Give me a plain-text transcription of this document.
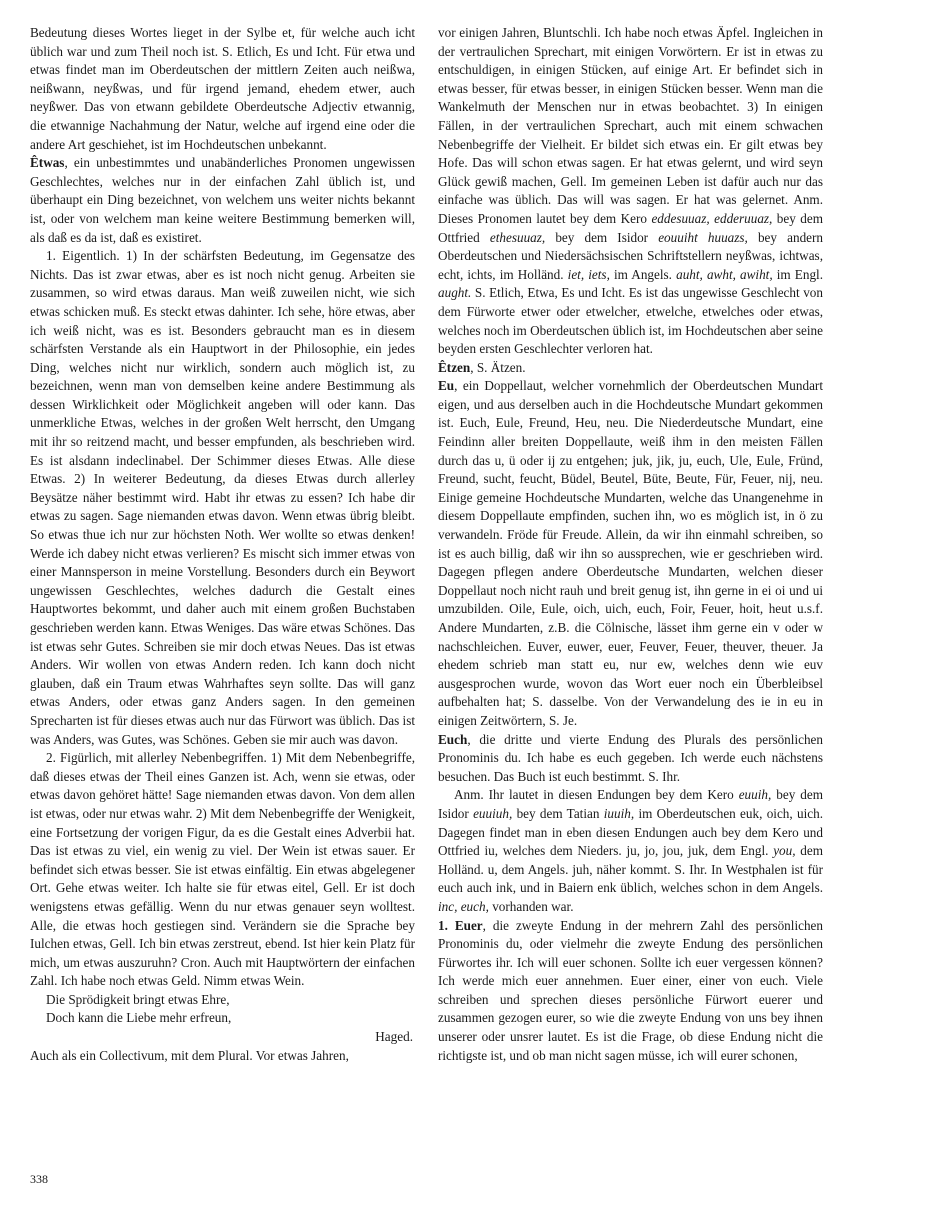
Bedeutung dieses Wortes lieget in der Sylbe et, für welche auch icht üblich war und zum Theil noch ist. S. Etlich, Es und Icht. Für etwa und etwas findet man im Oberdeutschen der mittlern Zeiten auch neißwa, neißwann, neyßwas, und für irgend jemand, ehedem etwer, auch neyßwer. Das von etwann gebildete Oberdeutsche Adjectiv etwannig, die etwannige Nachahmung der Natur, welche auf irgend eine oder die andere Art geschiehet, ist im Hochdeutschen unbekannt.

Êtwas, ein unbestimmtes und unabänderliches Pronomen ungewissen Geschlechtes, welches nur in der einfachen Zahl üblich ist, und überhaupt ein Ding bezeichnet, von welchem uns weiter nichts bekannt ist, oder von welchem man keine weitere Bestimmung bemerken will, als daß es da ist, daß es existiret.

1. Eigentlich. 1) In der schärfsten Bedeutung, im Gegensatze des Nichts. Das ist zwar etwas, aber es ist noch nicht genug. Arbeiten sie zusammen, so wird etwas daraus. Man weiß zuweilen nicht, wie sich etwas schicken muß. Es steckt etwas dahinter. Ich sehe, höre etwas, aber ich weiß nicht, was es ist. Besonders gebraucht man es in diesem schärfsten Verstande als ein Hauptwort in der Philosophie, ein jedes Ding, welches nicht nur wirklich, sondern auch möglich ist, zu bezeichnen, wenn man von demselben keine andere Bestimmung als dessen Wirklichkeit oder Möglichkeit angeben will oder kann. Das unmerkliche Etwas, welches in der großen Welt herrscht, den Umgang mit ihr so reitzend macht, und besser empfunden, als beschrieben wird. Es ist alsdann indeclinabel. Der Schimmer dieses Etwas. Alle diese Etwas. 2) In weiterer Bedeutung, da dieses Etwas durch allerley Beysätze näher bestimmt wird. Habt ihr etwas zu essen? Ich habe dir etwas zu sagen. Sage niemanden etwas davon. Wenn etwas übrig bleibt. So etwas thue ich nur zur höchsten Noth. Wer wollte so etwas denken! Werde ich dabey nicht etwas verlieren? Es mischt sich immer etwas von einer Mannsperson in meine Vorstellung. Besonders durch ein Beywort ungewissen Geschlechtes, welches dadurch die Gestalt eines Hauptwortes bekommt, und daher auch mit einem großen Buchstaben geschrieben werden kann. Etwas Weniges. Das wäre etwas Schönes. Das ist etwas sehr Gutes. Schreiben sie mir doch etwas Neues. Das ist etwas Anders. Wir wollen von etwas Andern reden. Ich kann doch nicht glauben, daß ein Traum etwas Wahrhaftes seyn sollte. Das will ganz etwas Anders, oder etwas ganz Anders sagen. In den gemeinen Sprecharten ist für dieses etwas auch nur das Fürwort was üblich. Das ist was Anders, was Gutes, was Schönes. Geben sie mir auch was davon.

2. Figürlich, mit allerley Nebenbegriffen. 1) Mit dem Nebenbegriffe, daß dieses etwas der Theil eines Ganzen ist. Ach, wenn sie etwas, oder etwas davon gehöret hätte! Sage niemanden etwas davon. Von dem allen ist etwas, oder nur etwas wahr. 2) Mit dem Nebenbegriffe der Wenigkeit, eine Fortsetzung der vorigen Figur, da es die Gestalt eines Adverbii hat. Das ist etwas zu viel, ein wenig zu viel. Der Wein ist etwas sauer. Er befindet sich etwas besser. Sie ist etwas einfältig. Ein etwas abgelegener Ort. Gehe etwas weiter. Ich halte sie für etwas eitel, Gell. Er ist doch wenigstens etwas gefällig. Wenn du nur etwas genauer seyn wolltest. Alle, die etwas hoch gestiegen sind. Verändern sie die Sprache bey Iulchen etwas, Gell. Ich bin etwas zerstreut, ebend. Ist hier kein Platz für mich, um etwas auszuruhn? Cron. Auch mit Hauptwörtern der einfachen Zahl. Ich habe noch etwas Geld. Nimm etwas Wein.

Die Sprödigkeit bringt etwas Ehre,

Doch kann die Liebe mehr erfreun,

Haged.

Auch als ein Collectivum, mit dem Plural. Vor etwas Jahren,

vor einigen Jahren, Bluntschli. Ich habe noch etwas Äpfel. Ingleichen in der vertraulichen Sprechart, mit einigen Vorwörtern. Er ist in etwas zu entschuldigen, in einigen Stücken, auf einige Art. Er befindet sich in etwas besser, für etwas besser, in einigen Stücken besser. Wenn man die Wankelmuth der Menschen nur in etwas beobachtet. 3) In einigen Fällen, in der vertraulichen Sprechart, auch mit einem schwachen Nebenbegriffe der Vielheit. Er bildet sich etwas ein. Er gilt etwas bey Hofe. Das will schon etwas sagen. Er hat etwas gelernt, und wird seyn Glück gewiß machen, Gell. Im gemeinen Leben ist dafür auch nur das einfache was üblich. Das will was sagen. Er hat was gelernet. Anm. Dieses Pronomen lautet bey dem Kero eddesuuaz, edderuuaz, bey dem Ottfried ethesuuaz, bey dem Isidor eouuiht huuazs, bey andern Oberdeutschen und Niedersächsischen Schriftstellern neyßwas, ichtwas, echt, ichts, im Holländ. iet, iets, im Angels. auht, awht, awiht, im Engl. aught. S. Etlich, Etwa, Es und Icht. Es ist das ungewisse Geschlecht von dem Fürworte etwer oder etwelcher, etwelche, etwelches oder etwas, welches noch im Oberdeutschen üblich ist, im Hochdeutschen aber seine beyden ersten Geschlechter verloren hat.

Êtzen, S. Ätzen.

Eu, ein Doppellaut, welcher vornehmlich der Oberdeutschen Mundart eigen, und aus derselben auch in die Hochdeutsche Mundart gekommen ist. Euch, Eule, Freund, Heu, neu. Die Niederdeutsche Mundart, eine Feindinn aller breiten Doppellaute, weiß ihm in den meisten Fällen durch das u, ü oder ij zu entgehen; juk, jik, ju, euch, Ule, Eule, Fründ, Freund, sucht, feucht, Büdel, Beutel, Büte, Beute, Für, Feuer, nij, neu. Einige gemeine Hochdeutsche Mundarten, welche das Unangenehme in diesem Doppellaute empfinden, suchen ihn, wo es möglich ist, in ö zu verwandeln. Fröde für Freude. Allein, da wir ihn einmahl schreiben, so ist es auch billig, daß wir ihn so aussprechen, wie er geschrieben wird. Dagegen pflegen andere Oberdeutsche Mundarten, welchen dieser Doppellaut noch nicht rauh und breit genug ist, ihn gerne in ei oi und ui umzubilden. Oile, Eule, oich, uich, euch, Foir, Feuer, hoit, heut u.s.f. Andere Mundarten, z.B. die Cölnische, lässet ihm gerne ein v oder w nachschleichen. Euver, euwer, euer, Feuver, Feuer, theuver, theuer. Ja ehedem schrieb man statt eu, nur ew, welches denn wie euv ausgesprochen wurde, wovon das Wort euer noch ein Überbleibsel aufbehalten hat; S. dasselbe. Von der Verwandelung des ie in eu in einigen Zeitwörtern, S. Je.

Euch, die dritte und vierte Endung des Plurals des persönlichen Pronominis du. Ich habe es euch gegeben. Ich werde euch nächstens besuchen. Das Buch ist euch bestimmt. S. Ihr.

Anm. Ihr lautet in diesen Endungen bey dem Kero euuih, bey dem Isidor euuiuh, bey dem Tatian iuuih, im Oberdeutschen euk, oich, uich. Dagegen findet man in eben diesen Endungen auch bey dem Kero und Ottfried iu, welches dem Nieders. ju, jo, jou, juk, dem Engl. you, dem Holländ. u, dem Angels. juh, näher kommt. S. Ihr. In Westphalen ist für euch auch ink, und in Baiern enk üblich, welches schon in dem Angels. inc, euch, vorhanden war.

1. Euer, die zweyte Endung in der mehrern Zahl des persönlichen Pronominis du, oder vielmehr die zweyte Endung des persönlichen Fürwortes ihr. Ich will euer schonen. Sollte ich euer vergessen können? Ich werde mich euer annehmen. Euer einer, einer von euch. Viele schreiben und sprechen dieses persönliche Fürwort euerer und zusammen gezogen eurer, so wie die zweyte Endung von uns bey ihnen unserer oder unsrer lautet. Es ist die Frage, ob diese Endung nicht die richtigste ist, und ob man nicht sagen müsse, ich will eurer schonen,

338
